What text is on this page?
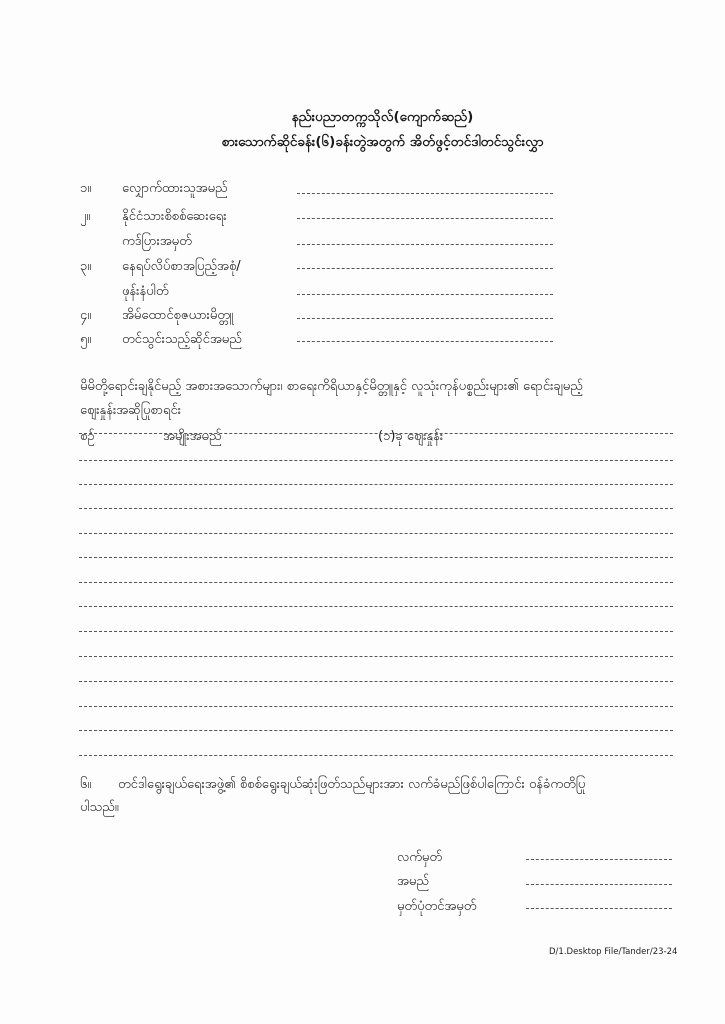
နည်းပညာတက္ကသိုလ်(ကျောက်ဆည်)
စားသောက်ဆိုင်ခန်း(၆)ခန်းတွဲအတွက် အိတ်ဖွင့်တင်ဒါတင်သွင်းလွှာ
၁။ လျှောက်ထားသူအမည်
၂။ နိုင်ငံသားစိစစ်ဆေးရေး
ကဒ်ပြားအမှတ်
၃။ နေရပ်လိပ်စာအပြည့်အစုံ/
ဖုန်းနံပါတ်
၄။ အိမ်ထောင်စုဇယားမိတ္တူ
၅။ တင်သွင်းသည့်ဆိုင်အမည်
မိမိတို့ရောင်းချနိုင်မည့် အစားအသောက်များ၊ စာရေးကိရိယာနှင့်မိတ္တူနှင့် လူသုံးကုန်ပစ္စည်းများ၏ ရောင်းချမည့်
ဈေးနှုန်းအဆိုပြုစာရင်း
စဉ်	အမျိုးအမည်	(၁)ခု ဈေးနှုန်း
၆။ တင်ဒါရွေးချယ်ရေးအဖွဲ့၏ စိစစ်ရွေးချယ်ဆုံးဖြတ်သည်များအား လက်ခံမည်ဖြစ်ပါကြောင်း ဝန်ခံကတိပြု
ပါသည်။
လက်မှတ်
အမည်
မှတ်ပုံတင်အမှတ်
D/1.Desktop File/Tander/23-24
